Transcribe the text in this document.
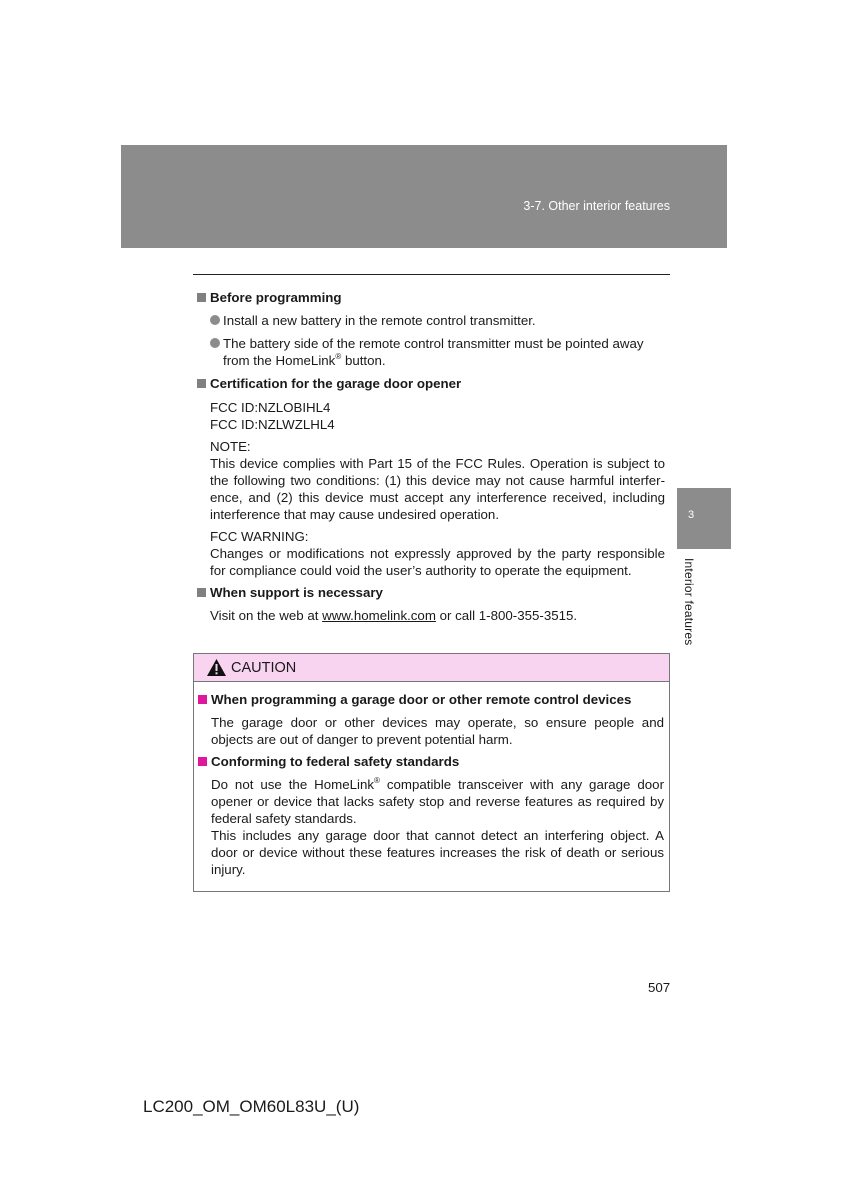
3-7. Other interior features
3
Interior features

Before programming

Install a new battery in the remote control transmitter.
The battery side of the remote control transmitter must be pointed away from the HomeLink® button.

Certification for the garage door opener

FCC ID:NZLOBIHL4
FCC ID:NZLWZLHL4
NOTE:
This device complies with Part 15 of the FCC Rules. Operation is subject to the following two conditions: (1) this device may not cause harmful interference, and (2) this device must accept any interference received, including interference that may cause undesired operation.
FCC WARNING:
Changes or modifications not expressly approved by the party responsible for compliance could void the user’s authority to operate the equipment.

When support is necessary

Visit on the web at www.homelink.com or call 1-800-355-3515.
CAUTION

When programming a garage door or other remote control devices

The garage door or other devices may operate, so ensure people and objects are out of danger to prevent potential harm.

Conforming to federal safety standards

Do not use the HomeLink® compatible transceiver with any garage door opener or device that lacks safety stop and reverse features as required by federal safety standards.
This includes any garage door that cannot detect an interfering object. A door or device without these features increases the risk of death or serious injury.
507
LC200_OM_OM60L83U_(U)
